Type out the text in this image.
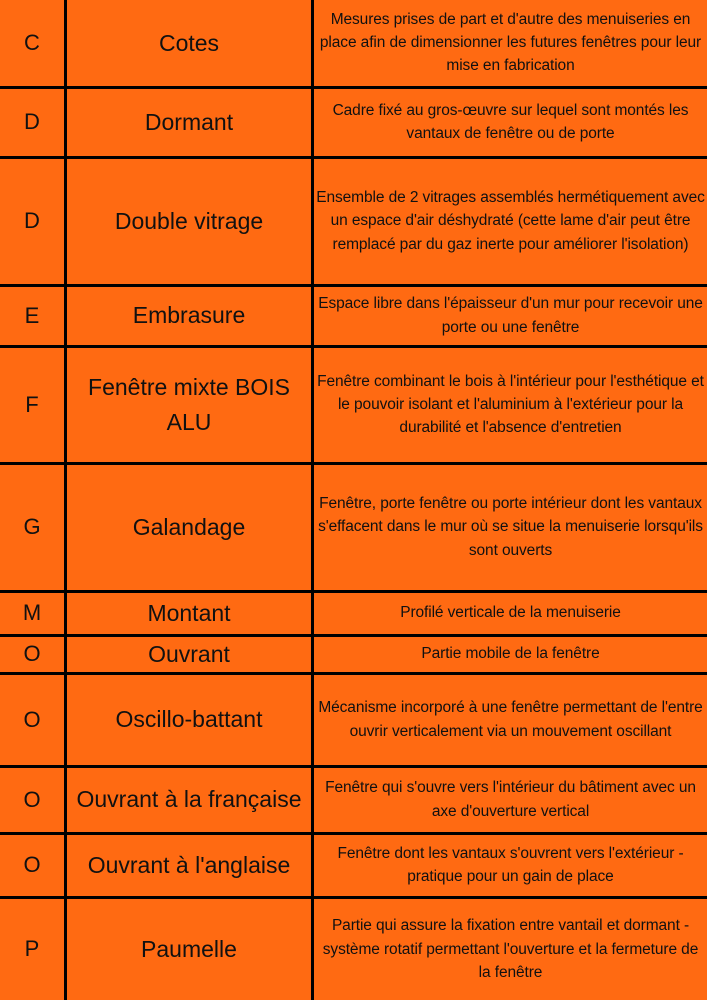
C	Cotes	Mesures prises de part et d'autre des menuiseries en place afin de dimensionner les futures fenêtres pour leur mise en fabrication
D	Dormant	Cadre fixé au gros-œuvre sur lequel sont montés les vantaux de fenêtre ou de porte
D	Double vitrage	Ensemble de 2 vitrages assemblés hermétiquement avec un espace d'air déshydraté (cette lame d'air peut être remplacé par du gaz inerte pour améliorer l'isolation)
E	Embrasure	Espace libre dans l'épaisseur d'un mur pour recevoir une porte ou une fenêtre
F	Fenêtre mixte BOIS ALU	Fenêtre combinant le bois à l'intérieur pour l'esthétique et le pouvoir isolant et l'aluminium à l'extérieur pour la durabilité et l'absence d'entretien
G	Galandage	Fenêtre, porte fenêtre ou porte intérieur dont les vantaux s'effacent dans le mur où se situe la menuiserie lorsqu'ils sont ouverts
M	Montant	Profilé verticale de la menuiserie
O	Ouvrant	Partie mobile de la fenêtre
O	Oscillo-battant	Mécanisme incorporé à une fenêtre permettant de l'entre ouvrir verticalement via un mouvement oscillant
O	Ouvrant à la française	Fenêtre qui s'ouvre vers l'intérieur du bâtiment avec un axe d'ouverture vertical
O	Ouvrant à l'anglaise	Fenêtre dont les vantaux s'ouvrent vers l'extérieur - pratique pour un gain de place
P	Paumelle	Partie qui assure la fixation entre vantail et dormant - système rotatif permettant l'ouverture et la fermeture de la fenêtre
